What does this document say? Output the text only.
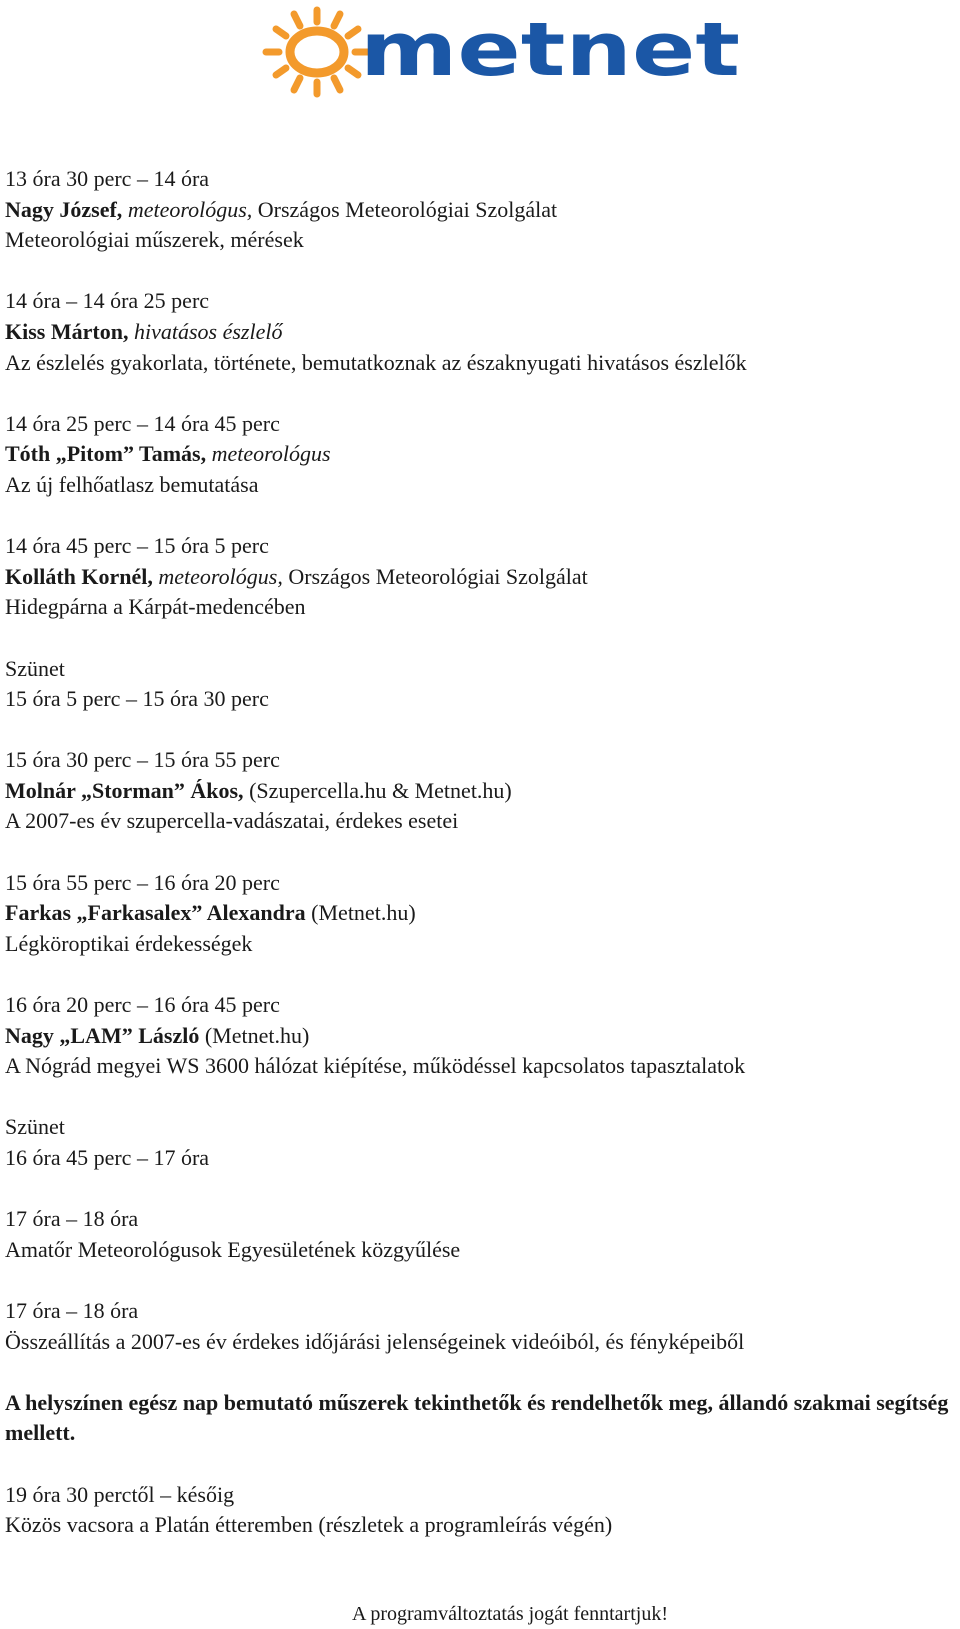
metnet
13 óra 30 perc – 14 óra
Nagy József, meteorológus, Országos Meteorológiai Szolgálat
Meteorológiai műszerek, mérések
14 óra – 14 óra 25 perc
Kiss Márton, hivatásos észlelő
Az észlelés gyakorlata, története, bemutatkoznak az északnyugati hivatásos észlelők
14 óra 25 perc – 14 óra 45 perc
Tóth „Pitom” Tamás, meteorológus
Az új felhőatlasz bemutatása
14 óra 45 perc – 15 óra 5 perc
Kolláth Kornél, meteorológus, Országos Meteorológiai Szolgálat
Hidegpárna a Kárpát-medencében
Szünet
15 óra 5 perc – 15 óra 30 perc
15 óra 30 perc – 15 óra 55 perc
Molnár „Storman” Ákos, (Szupercella.hu & Metnet.hu)
A 2007-es év szupercella-vadászatai, érdekes esetei
15 óra 55 perc – 16 óra 20 perc
Farkas „Farkasalex” Alexandra (Metnet.hu)
Légköroptikai érdekességek
16 óra 20 perc – 16 óra 45 perc
Nagy „LAM” László (Metnet.hu)
A Nógrád megyei WS 3600 hálózat kiépítése, működéssel kapcsolatos tapasztalatok
Szünet
16 óra 45 perc – 17 óra
17 óra – 18 óra
Amatőr Meteorológusok Egyesületének közgyűlése
17 óra – 18 óra
Összeállítás a 2007-es év érdekes időjárási jelenségeinek videóiból, és fényképeiből
A helyszínen egész nap bemutató műszerek tekinthetők és rendelhetők meg, állandó szakmai segítség mellett.
19 óra 30 perctől – későig
Közös vacsora a Platán étteremben (részletek a programleírás végén)
A programváltoztatás jogát fenntartjuk!
